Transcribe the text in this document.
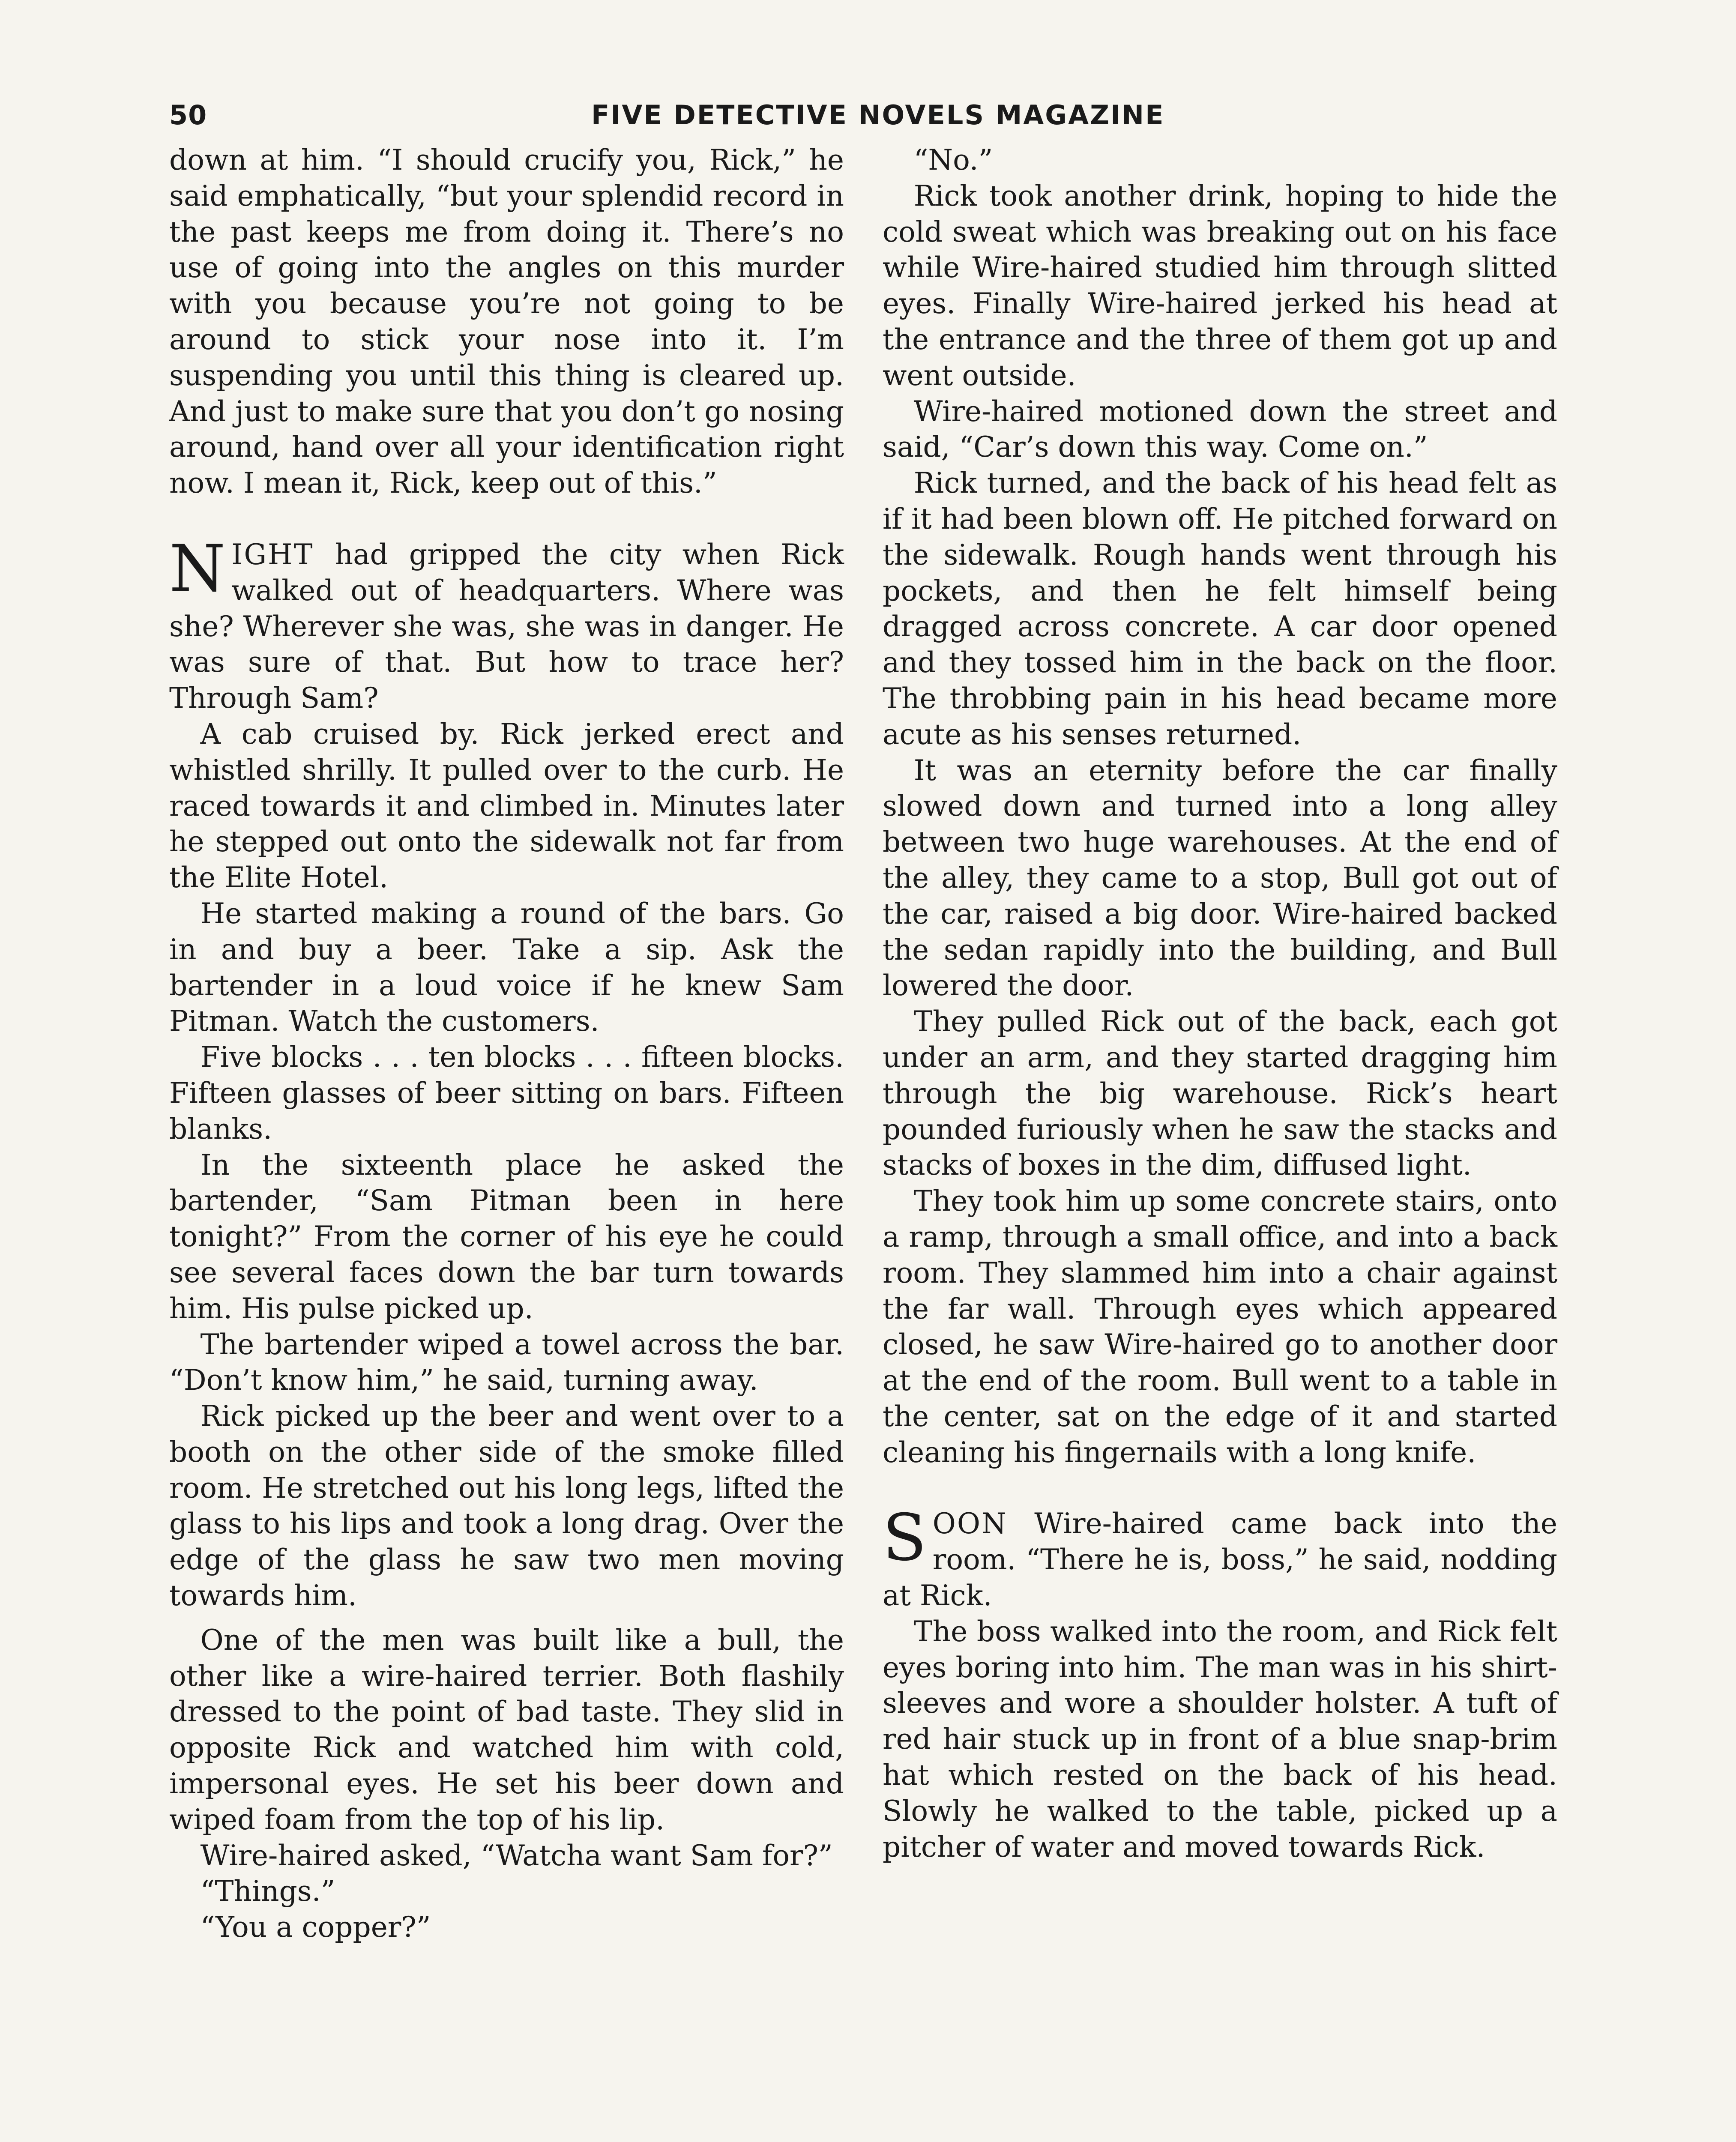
50	FIVE DETECTIVE NOVELS MAGAZINE

down at him. “I should crucify you, Rick,” he said emphatically, “but your splendid record in the past keeps me from doing it. There’s no use of going into the angles on this murder with you because you’re not going to be around to stick your nose into it. I’m suspending you until this thing is cleared up. And just to make sure that you don’t go nosing around, hand over all your identification right now. I mean it, Rick, keep out of this.”

NIGHT had gripped the city when Rick walked out of headquarters. Where was she? Wherever she was, she was in danger. He was sure of that. But how to trace her? Through Sam?

A cab cruised by. Rick jerked erect and whistled shrilly. It pulled over to the curb. He raced towards it and climbed in. Minutes later he stepped out onto the sidewalk not far from the Elite Hotel.

He started making a round of the bars. Go in and buy a beer. Take a sip. Ask the bartender in a loud voice if he knew Sam Pitman. Watch the customers.

Five blocks . . . ten blocks . . . fifteen blocks. Fifteen glasses of beer sitting on bars. Fifteen blanks.

In the sixteenth place he asked the bartender, “Sam Pitman been in here tonight?” From the corner of his eye he could see several faces down the bar turn towards him. His pulse picked up.

The bartender wiped a towel across the bar. “Don’t know him,” he said, turning away.

Rick picked up the beer and went over to a booth on the other side of the smoke filled room. He stretched out his long legs, lifted the glass to his lips and took a long drag. Over the edge of the glass he saw two men moving towards him.

One of the men was built like a bull, the other like a wire-haired terrier. Both flashily dressed to the point of bad taste. They slid in opposite Rick and watched him with cold, impersonal eyes. He set his beer down and wiped foam from the top of his lip.

Wire-haired asked, “Watcha want Sam for?”

“Things.”

“You a copper?”

“No.”

Rick took another drink, hoping to hide the cold sweat which was breaking out on his face while Wire-haired studied him through slitted eyes. Finally Wire-haired jerked his head at the entrance and the three of them got up and went outside.

Wire-haired motioned down the street and said, “Car’s down this way. Come on.”

Rick turned, and the back of his head felt as if it had been blown off. He pitched forward on the sidewalk. Rough hands went through his pockets, and then he felt himself being dragged across concrete. A car door opened and they tossed him in the back on the floor. The throbbing pain in his head became more acute as his senses returned.

It was an eternity before the car finally slowed down and turned into a long alley between two huge warehouses. At the end of the alley, they came to a stop, Bull got out of the car, raised a big door. Wire-haired backed the sedan rapidly into the building, and Bull lowered the door.

They pulled Rick out of the back, each got under an arm, and they started dragging him through the big warehouse. Rick’s heart pounded furiously when he saw the stacks and stacks of boxes in the dim, diffused light.

They took him up some concrete stairs, onto a ramp, through a small office, and into a back room. They slammed him into a chair against the far wall. Through eyes which appeared closed, he saw Wire-haired go to another door at the end of the room. Bull went to a table in the center, sat on the edge of it and started cleaning his fingernails with a long knife.

SOON Wire-haired came back into the room. “There he is, boss,” he said, nodding at Rick.

The boss walked into the room, and Rick felt eyes boring into him. The man was in his shirt-sleeves and wore a shoulder holster. A tuft of red hair stuck up in front of a blue snap-brim hat which rested on the back of his head. Slowly he walked to the table, picked up a pitcher of water and moved towards Rick.
